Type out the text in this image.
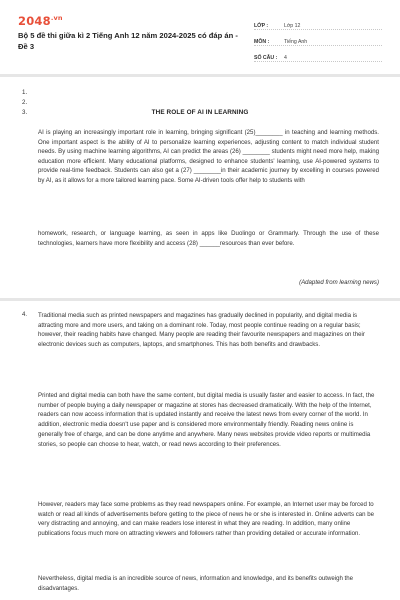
$2048^{.vn}$
Bộ 5 đề thi giữa kì 2 Tiếng Anh 12 năm 2024-2025 có đáp án - Đề 3
LỚP :	Lớp 12
MÔN :	Tiếng Anh
SỐ CÂU :	4
1.
2.
3.	THE ROLE OF AI IN LEARNING
AI is playing an increasingly important role in learning, bringing significant (25)________ in teaching and learning methods. One important aspect is the ability of AI to personalize learning experiences, adjusting content to match individual student needs. By using machine learning algorithms, AI can predict the areas (26) ________ students might need more help, making education more efficient. Many educational platforms, designed to enhance students' learning, use AI-powered systems to provide real-time feedback. Students can also get a (27) ________in their academic journey by excelling in courses powered by AI, as it allows for a more tailored learning pace. Some AI-driven tools offer help to students with
homework, research, or language learning, as seen in apps like Duolingo or Grammarly. Through the use of these technologies, learners have more flexibility and access (28) ______resources than ever before.
(Adapted from learning news)
4. Traditional media such as printed newspapers and magazines has gradually declined in popularity, and digital media is attracting more and more users, and taking on a dominant role. Today, most people continue reading on a regular basis; however, their reading habits have changed. Many people are reading their favourite newspapers and magazines on their electronic devices such as computers, laptops, and smartphones. This has both benefits and drawbacks.
Printed and digital media can both have the same content, but digital media is usually faster and easier to access. In fact, the number of people buying a daily newspaper or magazine at stores has decreased dramatically. With the help of the Internet, readers can now access information that is updated instantly and receive the latest news from every corner of the world. In addition, electronic media doesn't use paper and is considered more environmentally friendly. Reading news online is generally free of charge, and can be done anytime and anywhere. Many news websites provide video reports or multimedia stories, so people can choose to hear, watch, or read news according to their preferences.
However, readers may face some problems as they read newspapers online. For example, an Internet user may be forced to watch or read all kinds of advertisements before getting to the piece of news he or she is interested in. Online adverts can be very distracting and annoying, and can make readers lose interest in what they are reading. In addition, many online publications focus much more on attracting viewers and followers rather than providing detailed or accurate information.
Nevertheless, digital media is an incredible source of news, information and knowledge, and its benefits outweigh the disadvantages.
